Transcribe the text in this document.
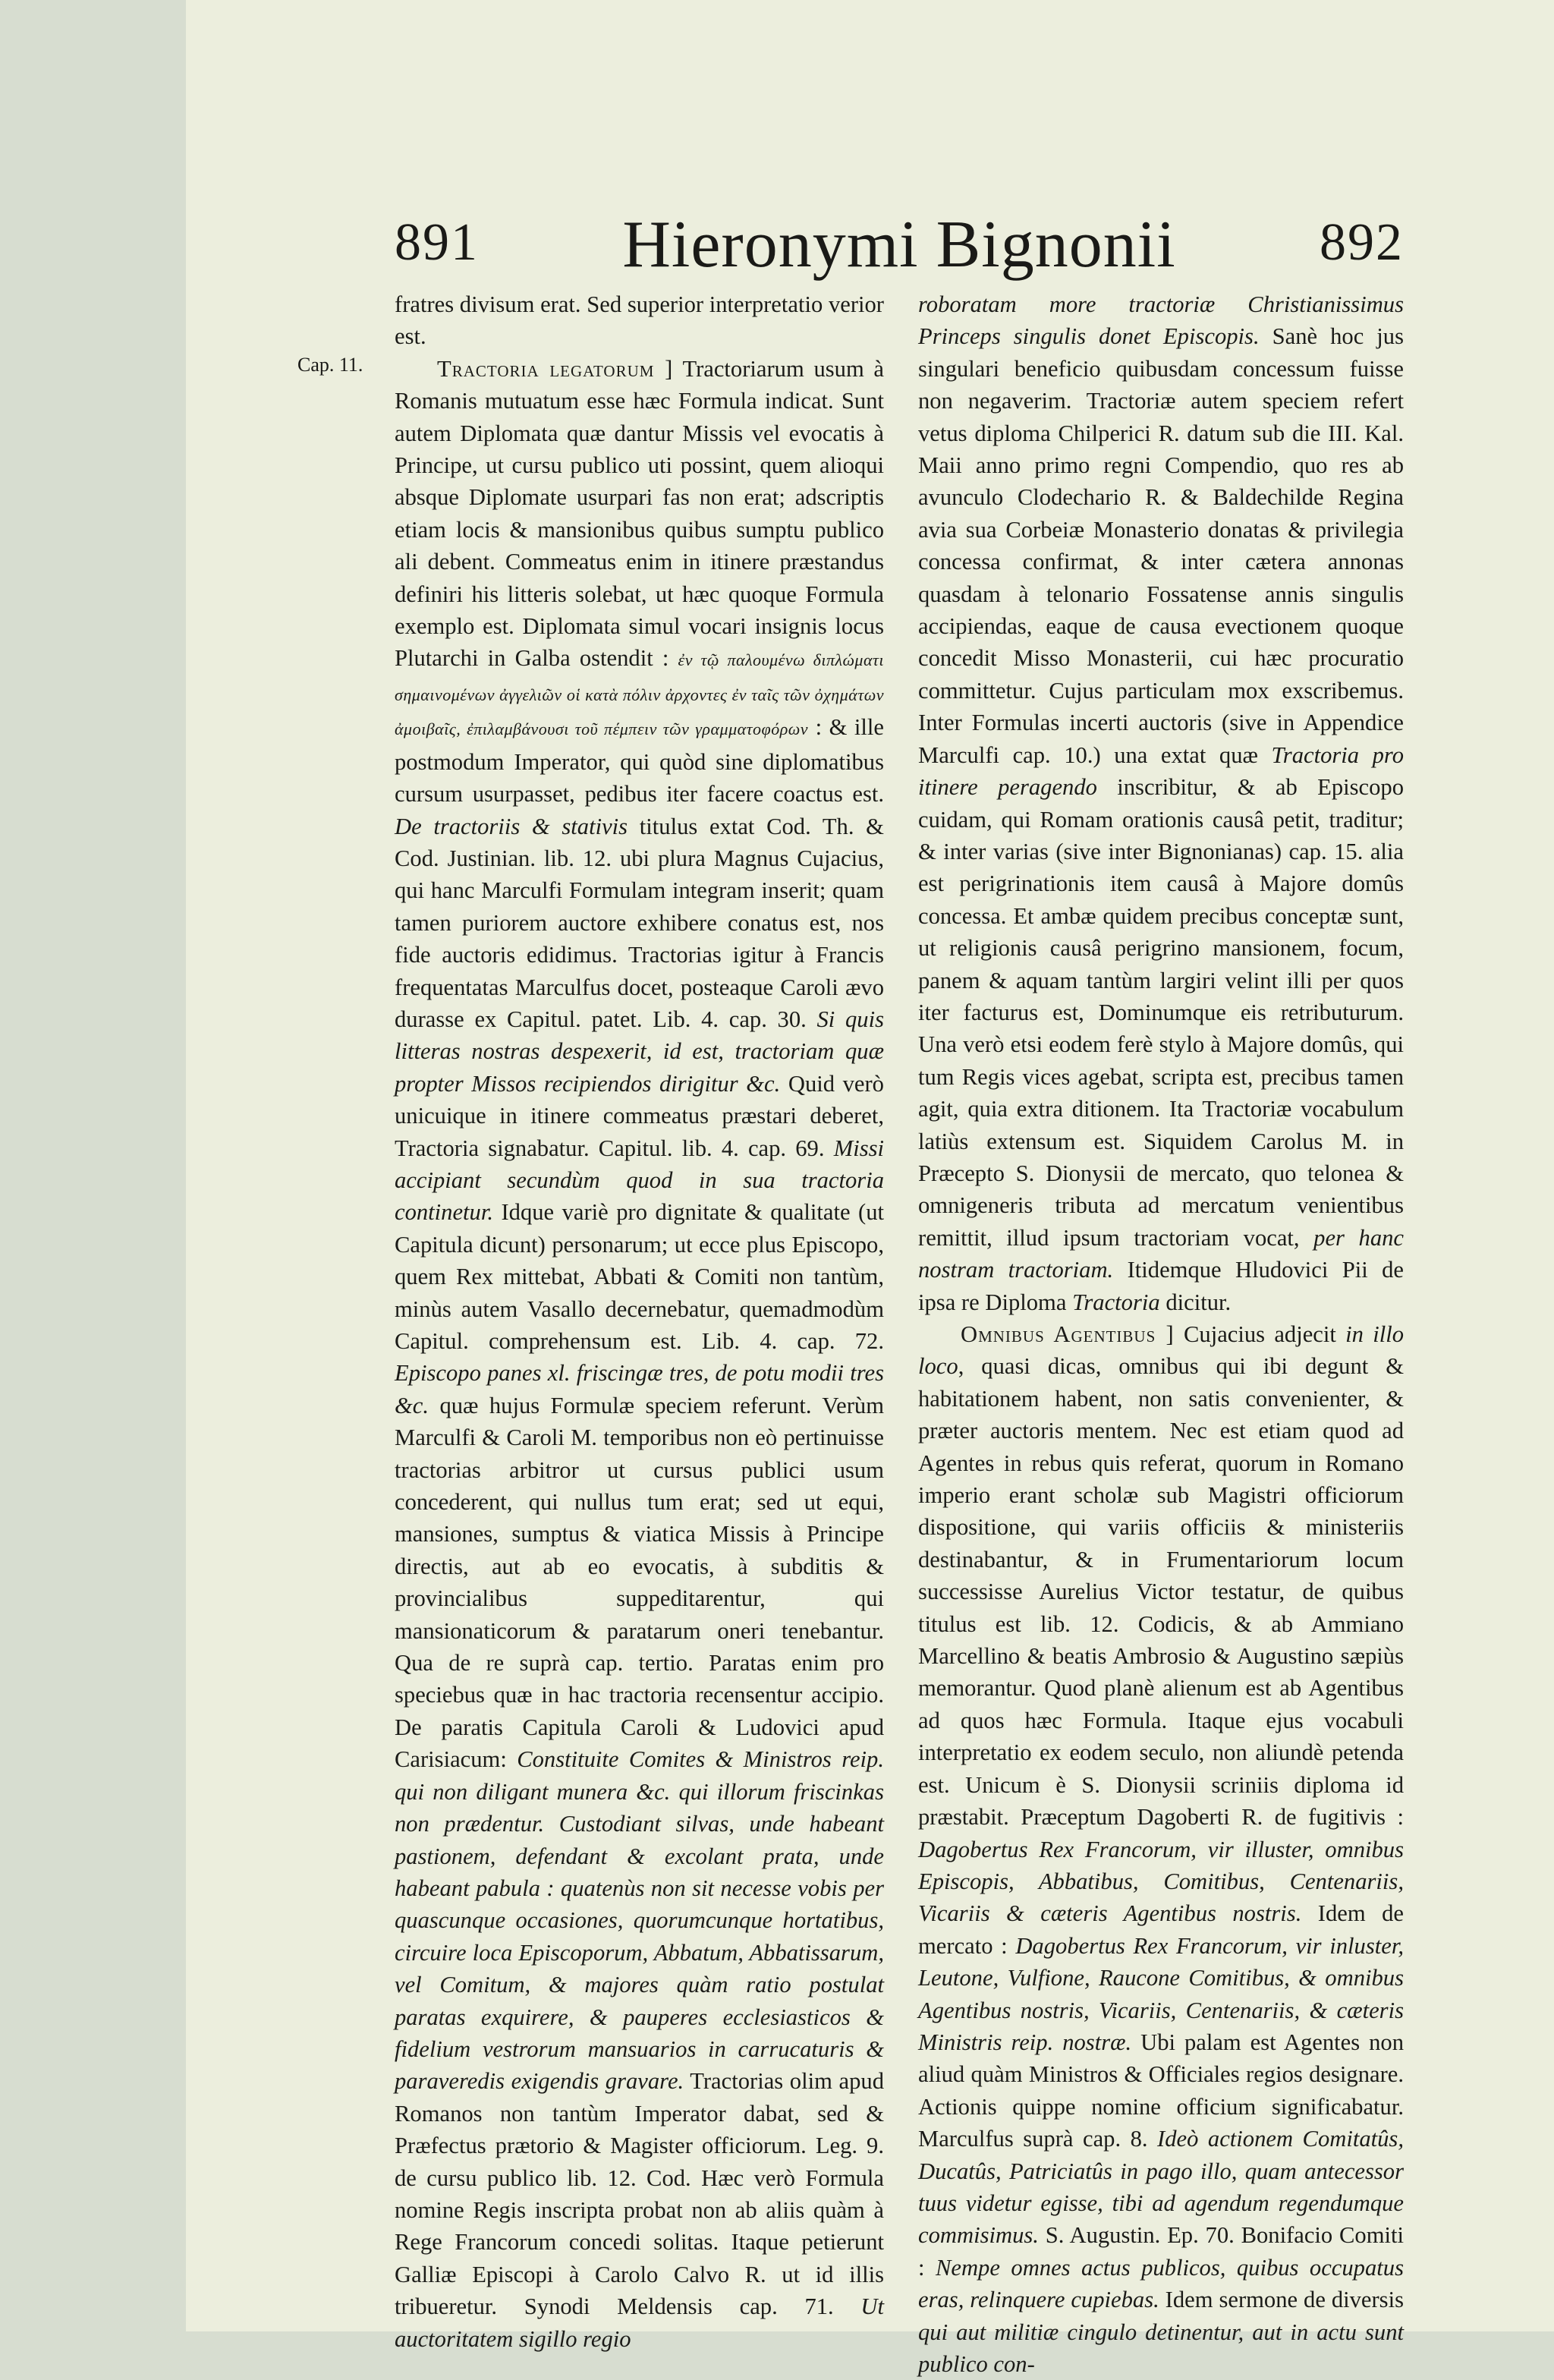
891	Hieronymi Bignonii	892
Cap. 11.

fratres divisum erat. Sed superior interpretatio verior est.

Tractoria legatorum ] Tractoriarum usum à Romanis mutuatum esse hæc Formula indicat. Sunt autem Diplomata quæ dantur Missis vel evocatis à Principe, ut cursu publico uti possint, quem alioqui absque Diplomate usurpari fas non erat; adscriptis etiam locis & mansionibus quibus sumptu publico ali debent. Commeatus enim in itinere præstandus definiri his litteris solebat, ut hæc quoque Formula exemplo est. Diplomata simul vocari insignis locus Plutarchi in Galba ostendit : ἐν τῷ παλουμένω διπλώματι σημαινομένων ἀγγελιῶν οἱ κατὰ πόλιν ἀρχοντες ἐν ταῖς τῶν ὀχημάτων ἀμοιβαῖς, ἐπιλαμβάνουσι τοῦ πέμπειν τῶν γραμματοφόρων : & ille postmodum Imperator, qui quòd sine diplomatibus cursum usurpasset, pedibus iter facere coactus est. De tractoriis & stativis titulus extat Cod. Th. & Cod. Justinian. lib. 12. ubi plura Magnus Cujacius, qui hanc Marculfi Formulam integram inserit; quam tamen puriorem auctore exhibere conatus est, nos fide auctoris edidimus. Tractorias igitur à Francis frequentatas Marculfus docet, posteaque Caroli ævo durasse ex Capitul. patet. Lib. 4. cap. 30. Si quis litteras nostras despexerit, id est, tractoriam quæ propter Missos recipiendos dirigitur &c. Quid verò unicuique in itinere commeatus præstari deberet, Tractoria signabatur. Capitul. lib. 4. cap. 69. Missi accipiant secundùm quod in sua tractoria continetur. Idque variè pro dignitate & qualitate (ut Capitula dicunt) personarum; ut ecce plus Episcopo, quem Rex mittebat, Abbati & Comiti non tantùm, minùs autem Vasallo decernebatur, quemadmodùm Capitul. comprehensum est. Lib. 4. cap. 72. Episcopo panes xl. friscingæ tres, de potu modii tres &c. quæ hujus Formulæ speciem referunt. Verùm Marculfi & Caroli M. temporibus non eò pertinuisse tractorias arbitror ut cursus publici usum concederent, qui nullus tum erat; sed ut equi, mansiones, sumptus & viatica Missis à Principe directis, aut ab eo evocatis, à subditis & provincialibus suppeditarentur, qui mansionaticorum & paratarum oneri tenebantur. Qua de re suprà cap. tertio. Paratas enim pro speciebus quæ in hac tractoria recensentur accipio. De paratis Capitula Caroli & Ludovici apud Carisiacum: Constituite Comites & Ministros reip. qui non diligant munera &c. qui illorum friscinkas non prædentur. Custodiant silvas, unde habeant pastionem, defendant & excolant prata, unde habeant pabula : quatenùs non sit necesse vobis per quascunque occasiones, quorumcunque hortatibus, circuire loca Episcoporum, Abbatum, Abbatissarum, vel Comitum, & majores quàm ratio postulat paratas exquirere, & pauperes ecclesiasticos & fidelium vestrorum mansuarios in carrucaturis & paraveredis exigendis gravare. Tractorias olim apud Romanos non tantùm Imperator dabat, sed & Præfectus prætorio & Magister officiorum. Leg. 9. de cursu publico lib. 12. Cod. Hæc verò Formula nomine Regis inscripta probat non ab aliis quàm à Rege Francorum concedi solitas. Itaque petierunt Galliæ Episcopi à Carolo Calvo R. ut id illis tribueretur. Synodi Meldensis cap. 71. Ut auctoritatem sigillo regio

roboratam more tractoriæ Christianissimus Princeps singulis donet Episcopis. Sanè hoc jus singulari beneficio quibusdam concessum fuisse non negaverim. Tractoriæ autem speciem refert vetus diploma Chilperici R. datum sub die III. Kal. Maii anno primo regni Compendio, quo res ab avunculo Clodechario R. & Baldechilde Regina avia sua Corbeiæ Monasterio donatas & privilegia concessa confirmat, & inter cætera annonas quasdam à telonario Fossatense annis singulis accipiendas, eaque de causa evectionem quoque concedit Misso Monasterii, cui hæc procuratio committetur. Cujus particulam mox exscribemus. Inter Formulas incerti auctoris (sive in Appendice Marculfi cap. 10.) una extat quæ Tractoria pro itinere peragendo inscribitur, & ab Episcopo cuidam, qui Romam orationis causâ petit, traditur; & inter varias (sive inter Bignonianas) cap. 15. alia est perigrinationis item causâ à Majore domûs concessa. Et ambæ quidem precibus conceptæ sunt, ut religionis causâ perigrino mansionem, focum, panem & aquam tantùm largiri velint illi per quos iter facturus est, Dominumque eis retributurum. Una verò etsi eodem ferè stylo à Majore domûs, qui tum Regis vices agebat, scripta est, precibus tamen agit, quia extra ditionem. Ita Tractoriæ vocabulum latiùs extensum est. Siquidem Carolus M. in Præcepto S. Dionysii de mercato, quo telonea & omnigeneris tributa ad mercatum venientibus remittit, illud ipsum tractoriam vocat, per hanc nostram tractoriam. Itidemque Hludovici Pii de ipsa re Diploma Tractoria dicitur.

Omnibus Agentibus ] Cujacius adjecit in illo loco, quasi dicas, omnibus qui ibi degunt & habitationem habent, non satis convenienter, & præter auctoris mentem. Nec est etiam quod ad Agentes in rebus quis referat, quorum in Romano imperio erant scholæ sub Magistri officiorum dispositione, qui variis officiis & ministeriis destinabantur, & in Frumentariorum locum successisse Aurelius Victor testatur, de quibus titulus est lib. 12. Codicis, & ab Ammiano Marcellino & beatis Ambrosio & Augustino sæpiùs memorantur. Quod planè alienum est ab Agentibus ad quos hæc Formula. Itaque ejus vocabuli interpretatio ex eodem seculo, non aliundè petenda est. Unicum è S. Dionysii scriniis diploma id præstabit. Præceptum Dagoberti R. de fugitivis : Dagobertus Rex Francorum, vir illuster, omnibus Episcopis, Abbatibus, Comitibus, Centenariis, Vicariis & cæteris Agentibus nostris. Idem de mercato : Dagobertus Rex Francorum, vir inluster, Leutone, Vulfione, Raucone Comitibus, & omnibus Agentibus nostris, Vicariis, Centenariis, & cæteris Ministris reip. nostræ. Ubi palam est Agentes non aliud quàm Ministros & Officiales regios designare. Actionis quippe nomine officium significabatur. Marculfus suprà cap. 8. Ideò actionem Comitatûs, Ducatûs, Patriciatûs in pago illo, quam antecessor tuus videtur egisse, tibi ad agendum regendumque commisimus. S. Augustin. Ep. 70. Bonifacio Comiti : Nempe omnes actus publicos, quibus occupatus eras, relinquere cupiebas. Idem sermone de diversis qui aut militiæ cingulo detinentur, aut in actu sunt publico con-
